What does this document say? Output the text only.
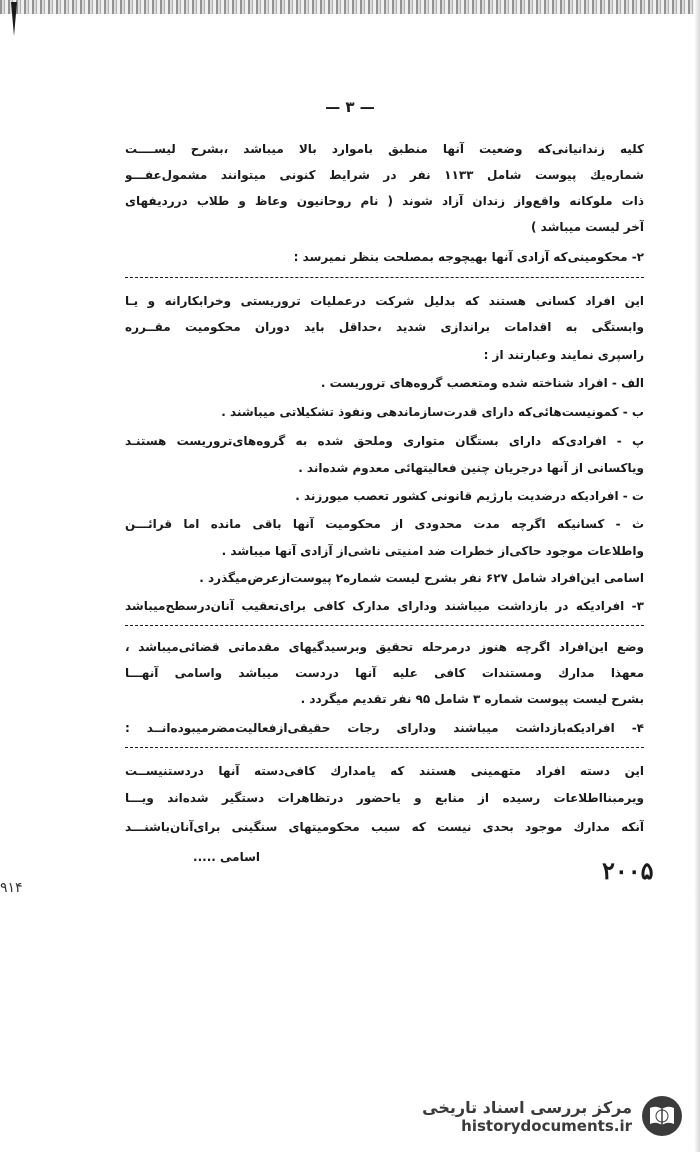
— ۳ —
کلیه زندانیانی‌که وضعیت آنها منطبق باموارد بالا میباشد ،بشرح لیســــت
شماره‌یك پیوست شامل ۱۱۳۳ نفر در شرایط کنونی میتوانند مشمول‌عفـــو
ذات ملوکانه واقع‌واز زندان آزاد شوند ( نام روحانیون وعاظ و طلاب درردیفهای
آخر لیست میباشد )
۲- محکومینی‌که آزادی آنها بهیچوجه بمصلحت بنظر نمیرسد :
این افراد کسانی هستند که بدلیل شرکت درعملیات تروریستی وخرابکارانه و یـا
وابستگی به اقدامات براندازی شدید ،حداقل باید دوران محکومیت مقــرره
راسپری نمایند وعبارتند از :
الف - افراد شناخته شده ومتعصب گروه‌های تروریست .
ب - کمونیست‌هائی‌که دارای قدرت‌سازماندهی ونفوذ تشکیلاتی میباشند .
پ - افرادی‌که دارای بستگان متواری وملحق شده به گروه‌های‌تروریست هستنـد
ویاکسانی از آنها درجریان چنین فعالیتهائی معدوم شده‌اند .
ت - افرادیکه درضدیت بارژیم قانونی کشور تعصب میورزند .
ث - کسانیکه اگرچه مدت محدودی از محکومیت آنها باقی مانده اما قرائـــن
واطلاعات موجود حاکی‌از خطرات ضد امنیتی ناشی‌از آزادی آنها میباشد .
اسامی این‌افراد شامل ۶۲۷ نفر بشرح لیست شماره۲ پیوست‌ازعرض‌میگذرد .
۳- افرادیکه در بازداشت میباشند ودارای مدارک کافی برای‌تعقیب آنان‌درسطح‌میباشد
وضع این‌افراد اگرچه هنوز درمرحله تحقیق وبرسیدگیهای مقدماتی قضائی‌میباشد ،
معهذا مدارك ومستندات کافی علیه آنها دردست میباشد واسامی آنهـــا
بشرح لیست پیوست شماره ۳ شامل ۹۵ نفر تقدیم میگردد .
۴- افرادیکه‌بازداشت میباشند ودارای رجات حقیقی‌ازفعالیت‌مضرمیبوده‌انــد :
این دسته افراد متهمینی هستند که یامدارك کافی‌دسته آنها دردستنیســت
ویرمبنا‌اطلاعات رسیده از منابع و یاحضور درتظاهرات دستگیر شده‌اند ویـــا
آنکه مدارك موجود بحدی نیست که سبب محکومیتهای سنگینی برای‌آنان‌باشنـــد
اسامی .....	۲۰۰۵
۹۱۴
مرکز بررسی اسناد تاریخی
historydocuments.ir
